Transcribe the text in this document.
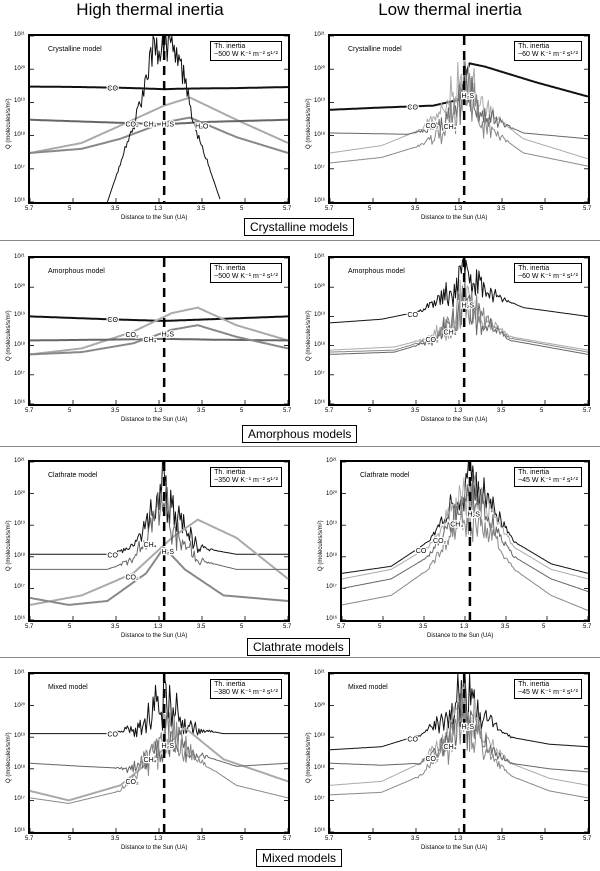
High thermal inertia	Low thermal inertia
Crystalline models
Amorphous models
Clathrate models
Mixed models
CO
CO₂ CH₄ H₂S	H₂O
Crystalline model	Th. inertia
~500 W K⁻¹ m⁻² s¹ᐟ²
CO
CO₂ CH₄
H₂S
Crystalline model	Th. inertia
~60 W K⁻¹ m⁻² s¹ᐟ²
CO
CO₂
CH₄
H₂S
Amorphous model	Th. inertia
~500 W K⁻¹ m⁻² s¹ᐟ²
CO
CO₂
CH₄
H₂S
Amorphous model	Th. inertia
~60 W K⁻¹ m⁻² s¹ᐟ²
CO
CO₂
CH₄
H₂S
Clathrate model	Th. inertia
~350 W K⁻¹ m⁻² s¹ᐟ²
CO
CO₂
CH₄
H₂S
Clathrate model	Th. inertia
~45 W K⁻¹ m⁻² s¹ᐟ²
CO
CO₂
CH₄
H₂S
Mixed model	Th. inertia
~380 W K⁻¹ m⁻² s¹ᐟ²
CO
CO₂
CH₄
H₂S
Mixed model	Th. inertia
~45 W K⁻¹ m⁻² s¹ᐟ²
5.7	5	3.5	1.3	3.5	5	5.7
10¹⁶
10¹⁷
10¹⁸
10¹⁹
10²⁰
10²¹
Distance to the Sun (UA)
Q (molecules/s/m²)
5.7	5	3.5	1.3	3.5	5	5.7
10¹⁶
10¹⁷
10¹⁸
10¹⁹
10²⁰
10²¹
Distance to the Sun (UA)
Q (molecules/s/m²)
5.7	5	3.5	1.3	3.5	5	5.7
10¹⁶
10¹⁷
10¹⁸
10¹⁹
10²⁰
10²¹
Distance to the Sun (UA)
Q (molecules/s/m²)
5.7	5	3.5	1.3	3.5	5	5.7
10¹⁶
10¹⁷
10¹⁸
10¹⁹
10²⁰
10²¹
Distance to the Sun (UA)
Q (molecules/s/m²)
5.7	5	3.5	1.3	3.5	5	5.7
10¹⁶
10¹⁷
10¹⁸
10¹⁹
10²⁰
10²¹
Distance to the Sun (UA)
Q (molecules/s/m²)
5.7	5	3.5	1.3	3.5	5	5.7
10¹⁶
10¹⁷
10¹⁸
10¹⁹
10²⁰
10²¹
Distance to the Sun (UA)
Q (molecules/s/m²)
5.7	5	3.5	1.3	3.5	5	5.7
10¹⁶
10¹⁷
10¹⁸
10¹⁹
10²⁰
10²¹
Distance to the Sun (UA)
Q (molecules/s/m²)
5.7	5	3.5	1.3	3.5	5	5.7
10¹⁶
10¹⁷
10¹⁸
10¹⁹
10²⁰
10²¹
Distance to the Sun (UA)
Q (molecules/s/m²)
